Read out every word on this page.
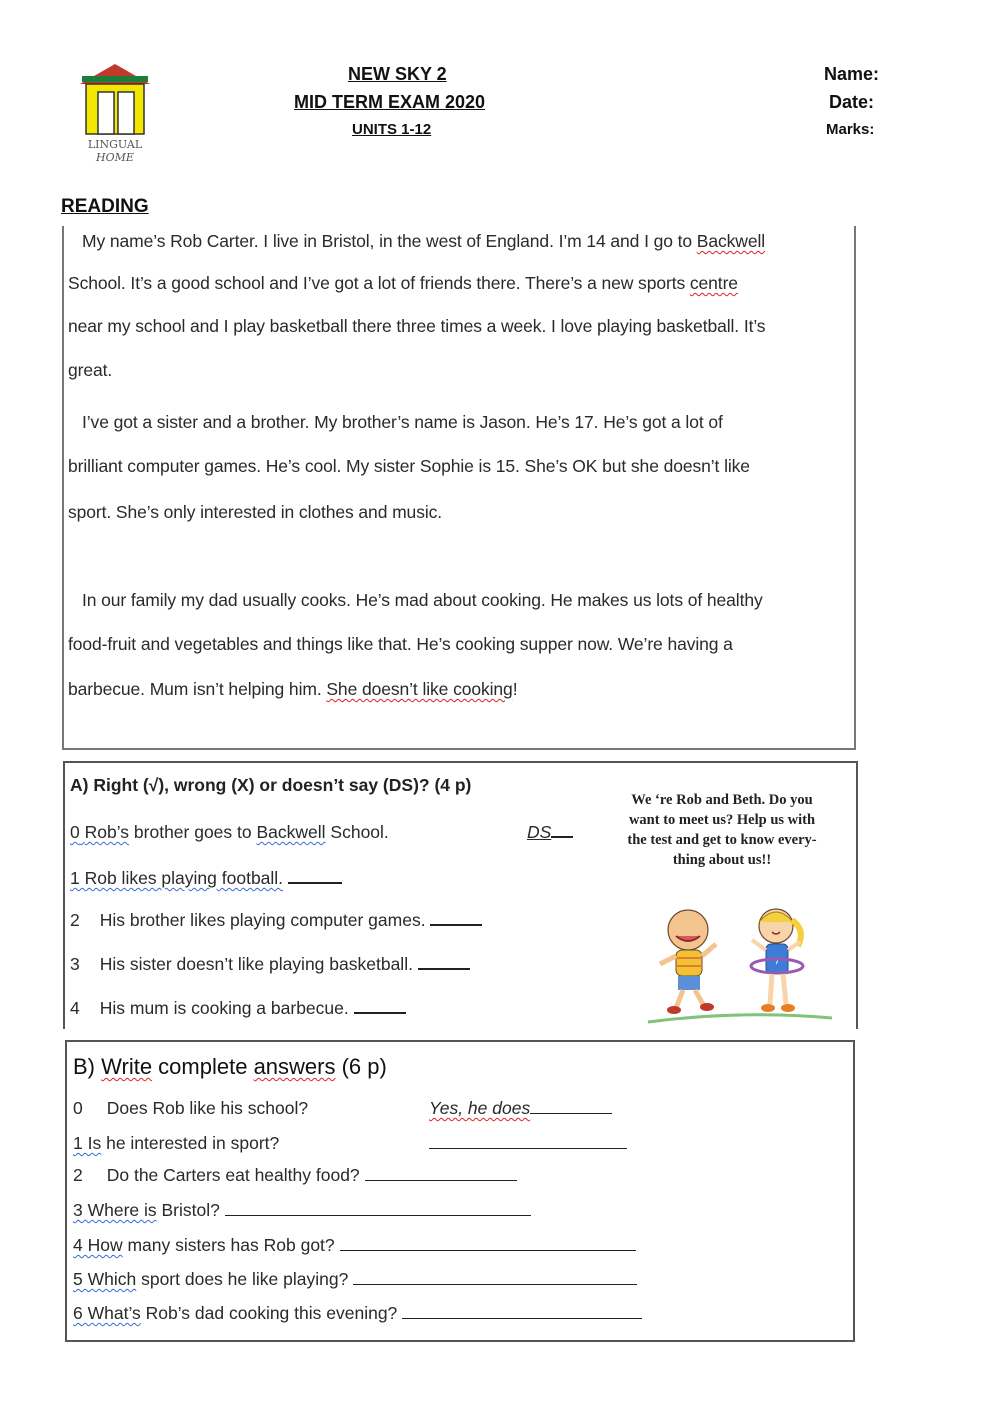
LINGUAL
HOME
NEW SKY 2
MID TERM EXAM 2020
UNITS 1-12
Name:
Date:
Marks:
READING
My name’s Rob Carter. I live in Bristol, in the west of England. I’m 14 and I go to Backwell
School. It’s a good school and I’ve got a lot of friends there. There’s a new sports centre
near my school and I play basketball there three times a week. I love playing basketball. It’s
great.
I’ve got a sister and a brother. My brother’s name is Jason. He’s 17. He’s got a lot of
brilliant computer games. He’s cool. My sister Sophie is 15. She’s OK but she doesn’t like
sport. She’s only interested in clothes and music.
In our family my dad usually cooks. He’s mad about cooking. He makes us lots of healthy
food-fruit and vegetables and things like that. He’s cooking supper now. We’re having a
barbecue. Mum isn’t helping him. She doesn’t like cooking!
A) Right (√), wrong (X) or doesn’t say (DS)? (4 p)
0 Rob’s brother goes to Backwell School.	DS
1 Rob likes playing football.
2 His brother likes playing computer games.
3 His sister doesn’t like playing basketball.
4 His mum is cooking a barbecue.
We ‘re Rob and Beth. Do you
want to meet us? Help us with
the test and get to know every-
thing about us!!
7
B) Write complete answers (6 p)
0 Does Rob like his school?	Yes, he does
1 Is he interested in sport?
2 Do the Carters eat healthy food?
3 Where is Bristol?
4 How many sisters has Rob got?
5 Which sport does he like playing?
6 What’s Rob’s dad cooking this evening?
